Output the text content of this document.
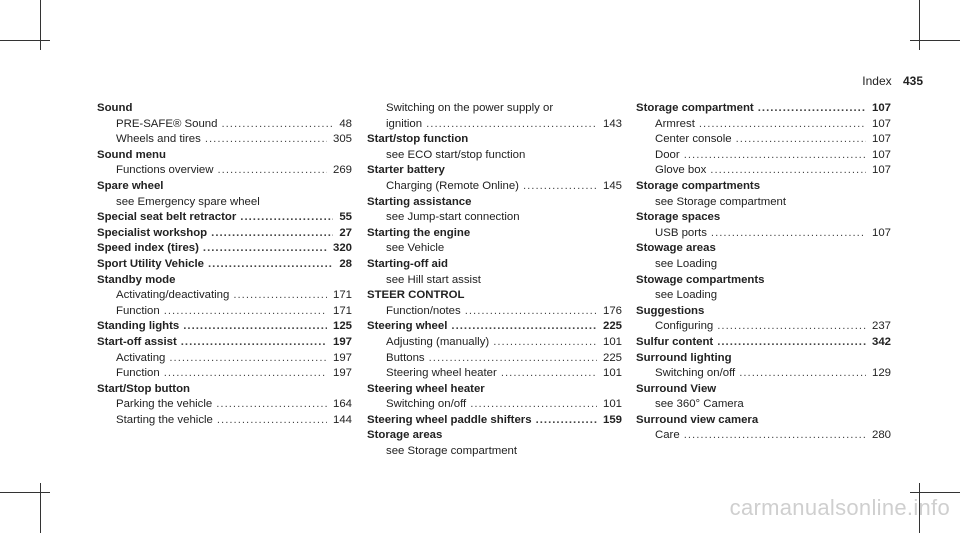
Index 435
Sound
PRE-SAFE® Sound .....	48
Wheels and tires .....	305
Sound menu
Functions overview .....	269
Spare wheel
see Emergency spare wheel
Special seat belt retractor .....	55
Specialist workshop .....	27
Speed index (tires) .....	320
Sport Utility Vehicle .....	28
Standby mode
Activating/deactivating .....	171
Function .....	171
Standing lights .....	125
Start-off assist .....	197
Activating .....	197
Function .....	197
Start/Stop button
Parking the vehicle .....	164
Starting the vehicle .....	144
Switching on the power supply or
ignition .....	143
Start/stop function
see ECO start/stop function
Starter battery
Charging (Remote Online) .....	145
Starting assistance
see Jump-start connection
Starting the engine
see Vehicle
Starting-off aid
see Hill start assist
STEER CONTROL
Function/notes .....	176
Steering wheel .....	225
Adjusting (manually) .....	101
Buttons .....	225
Steering wheel heater .....	101
Steering wheel heater
Switching on/off .....	101
Steering wheel paddle shifters .....	159
Storage areas
see Storage compartment
Storage compartment .....	107
Armrest .....	107
Center console .....	107
Door .....	107
Glove box .....	107
Storage compartments
see Storage compartment
Storage spaces
USB ports .....	107
Stowage areas
see Loading
Stowage compartments
see Loading
Suggestions
Configuring .....	237
Sulfur content .....	342
Surround lighting
Switching on/off .....	129
Surround View
see 360° Camera
Surround view camera
Care .....	280
carmanualsonline.info
